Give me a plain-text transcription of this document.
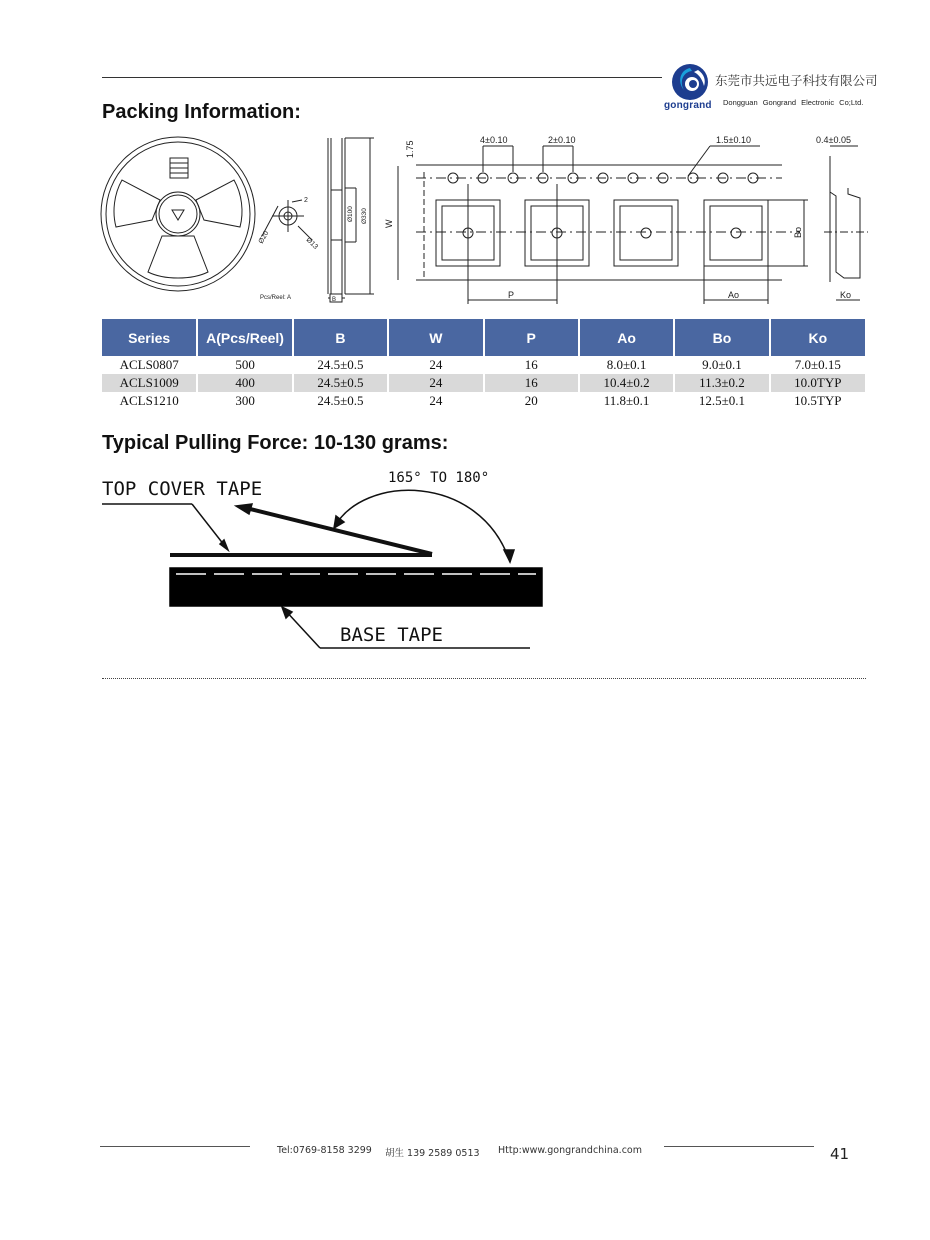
gongrand
东莞市共远电子科技有限公司
Dongguan Gongrand Electronic Co;Ltd.
Packing Information:
2
Ø13
Ø20
Pcs/Reel: A
Ø100 Ø330
B
W
1.75
P	Ao
Bo
4±0.10	2±0.10	1.5±0.10	0.4±0.05
Ko
Series	A(Pcs/Reel)	B	W	P	Ao	Bo	Ko
ACLS0807	500	24.5±0.5	24	16	8.0±0.1	9.0±0.1	7.0±0.15
ACLS1009	400	24.5±0.5	24	16	10.4±0.2	11.3±0.2	10.0TYP
ACLS1210	300	24.5±0.5	24	20	11.8±0.1	12.5±0.1	10.5TYP
Typical Pulling Force: 10-130 grams:
TOP COVER TAPE	165° TO 180°
BASE TAPE
Tel:0769-8158 3299 胡生 139 2589 0513 Http:www.gongrandchina.com	41
